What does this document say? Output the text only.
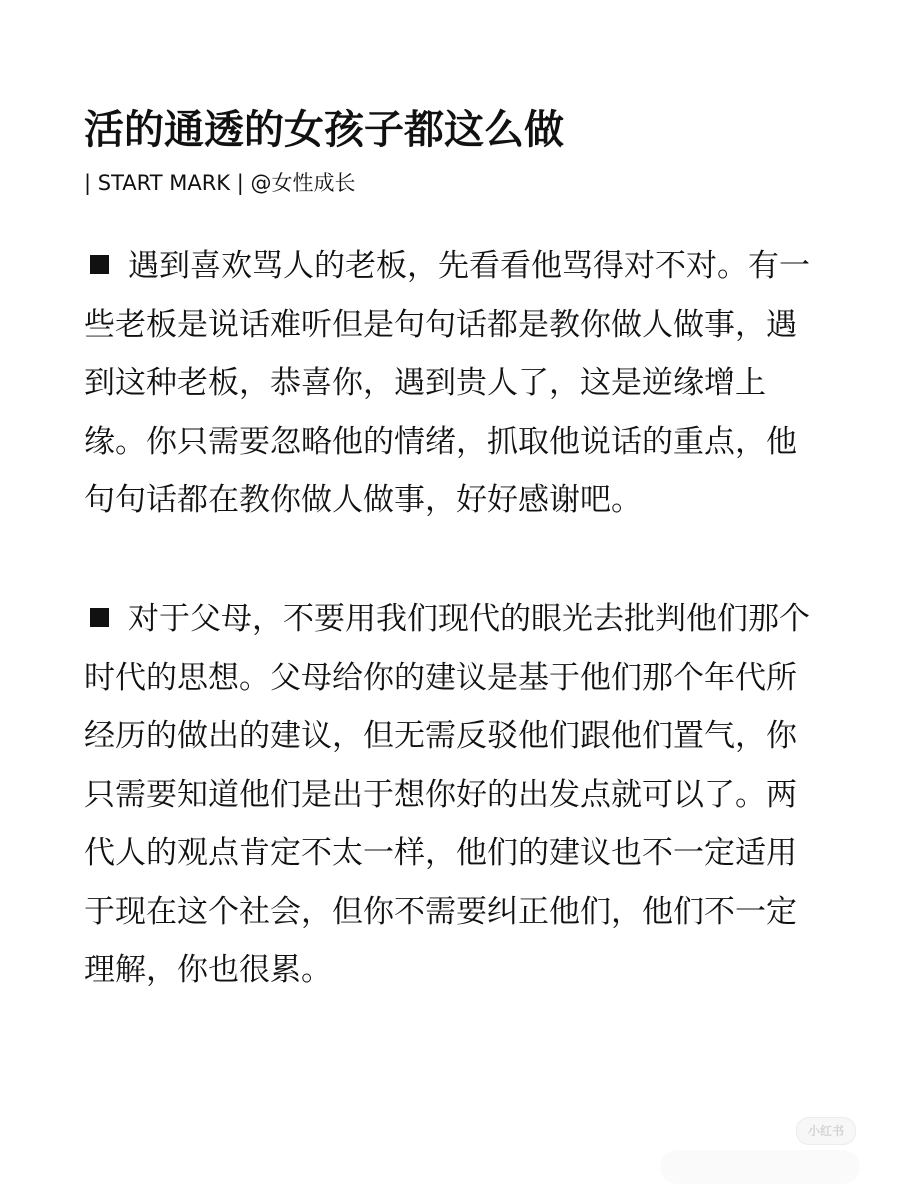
活的通透的女孩子都这么做
| START MARK | @女性成长
遇到喜欢骂人的老板，先看看他骂得对不对。有一
些老板是说话难听但是句句话都是教你做人做事，遇
到这种老板，恭喜你，遇到贵人了，这是逆缘增上
缘。你只需要忽略他的情绪，抓取他说话的重点，他
句句话都在教你做人做事，好好感谢吧。
对于父母，不要用我们现代的眼光去批判他们那个
时代的思想。父母给你的建议是基于他们那个年代所
经历的做出的建议，但无需反驳他们跟他们置气，你
只需要知道他们是出于想你好的出发点就可以了。两
代人的观点肯定不太一样，他们的建议也不一定适用
于现在这个社会，但你不需要纠正他们，他们不一定
理解，你也很累。
小红书
